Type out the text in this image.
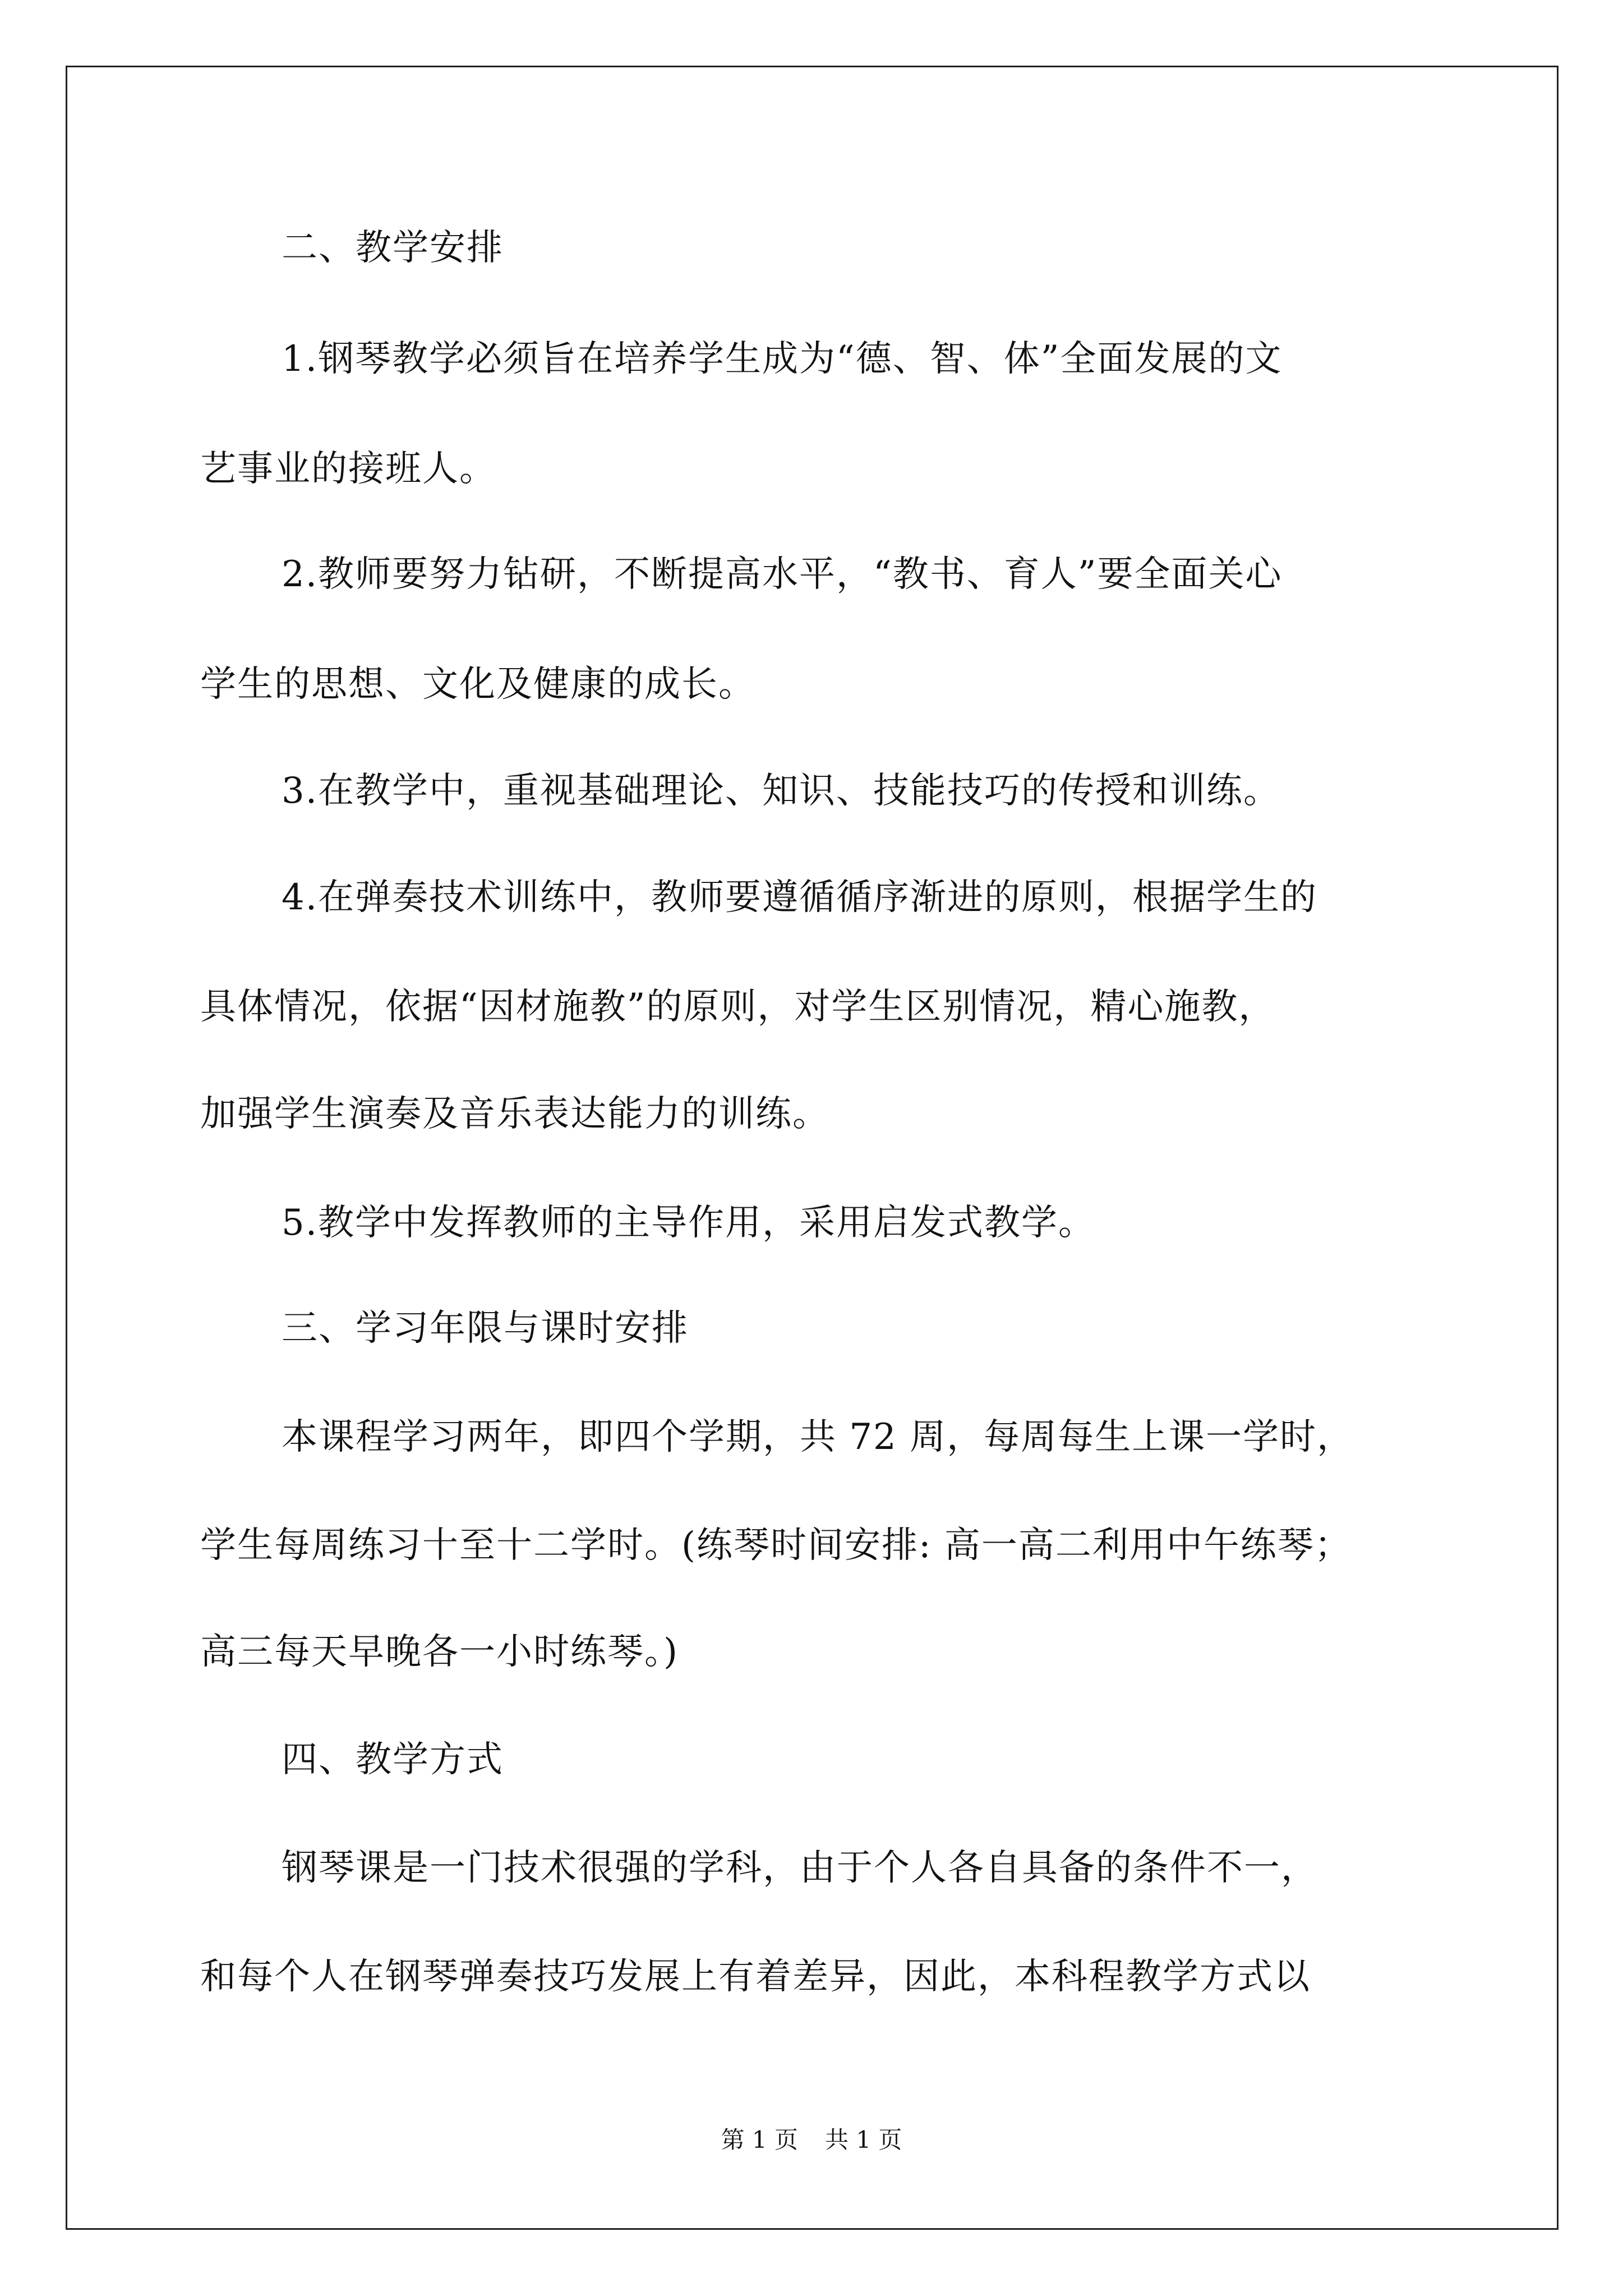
二、教学安排
1.钢琴教学必须旨在培养学生成为“德、智、体”全面发展的文
艺事业的接班人。
2.教师要努力钻研，不断提高水平，“教书、育人”要全面关心
学生的思想、文化及健康的成长。
3.在教学中，重视基础理论、知识、技能技巧的传授和训练。
4.在弹奏技术训练中，教师要遵循循序渐进的原则，根据学生的
具体情况，依据“因材施教”的原则，对学生区别情况，精心施教，
加强学生演奏及音乐表达能力的训练。
5.教学中发挥教师的主导作用，采用启发式教学。
三、学习年限与课时安排
本课程学习两年，即四个学期，共 72 周，每周每生上课一学时，
学生每周练习十至十二学时。(练琴时间安排: 高一高二利用中午练琴；
高三每天早晚各一小时练琴。)
四、教学方式
钢琴课是一门技术很强的学科，由于个人各自具备的条件不一，
和每个人在钢琴弹奏技巧发展上有着差异，因此，本科程教学方式以
第 1 页 共 1 页
